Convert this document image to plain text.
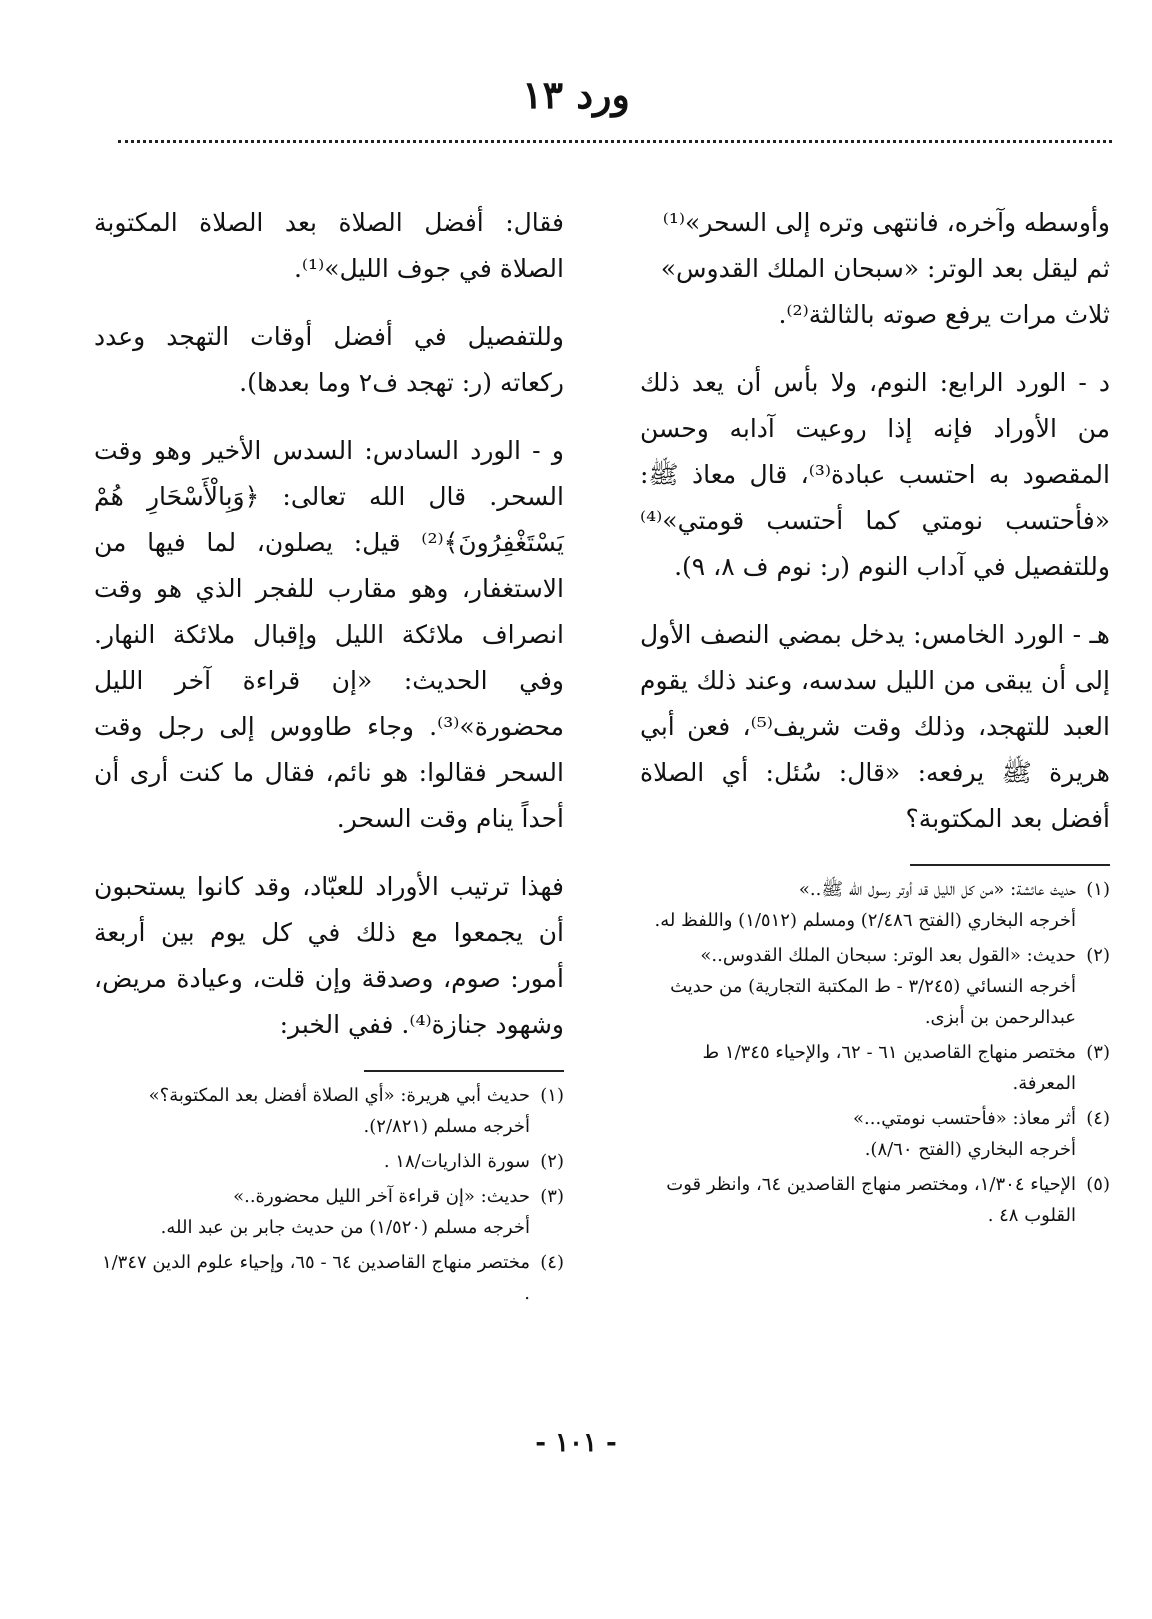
ورد ١٣

وأوسطه وآخره، فانتهى وتره إلى السحر»⁽¹⁾
ثم ليقل بعد الوتر: «سبحان الملك القدوس»
ثلاث مرات يرفع صوته بالثالثة⁽²⁾.

د - الورد الرابع: النوم، ولا بأس أن يعد ذلك من الأوراد فإنه إذا روعيت آدابه وحسن المقصود به احتسب عبادة⁽³⁾، قال معاذ ﷺ: «فأحتسب نومتي كما أحتسب قومتي»⁽⁴⁾ وللتفصيل في آداب النوم (ر: نوم ف ٨، ٩).

هـ - الورد الخامس: يدخل بمضي النصف الأول إلى أن يبقى من الليل سدسه، وعند ذلك يقوم العبد للتهجد، وذلك وقت شريف⁽⁵⁾، فعن أبي هريرة ﷺ يرفعه: «قال: سُئل: أي الصلاة أفضل بعد المكتوبة؟

(١)
حديث عائشة: «من كل الليل قد أوتر رسول الله ﷺ..»
أخرجه البخاري (الفتح ٢/٤٨٦) ومسلم (١/٥١٢) واللفظ له.
(٢)
حديث: «القول بعد الوتر: سبحان الملك القدوس..»
أخرجه النسائي (٣/٢٤٥ - ط المكتبة التجارية) من حديث عبدالرحمن بن أبزى.
(٣)
مختصر منهاج القاصدين ٦١ - ٦٢، والإحياء ١/٣٤٥ ط المعرفة.
(٤)
أثر معاذ: «فأحتسب نومتي...»
أخرجه البخاري (الفتح ٨/٦٠).
(٥)
الإحياء ١/٣٠٤، ومختصر منهاج القاصدين ٦٤، وانظر قوت القلوب ٤٨ .

فقال: أفضل الصلاة بعد الصلاة المكتوبة الصلاة في جوف الليل»⁽¹⁾.

وللتفصيل في أفضل أوقات التهجد وعدد ركعاته (ر: تهجد ف٢ وما بعدها).

و - الورد السادس: السدس الأخير وهو وقت السحر. قال الله تعالى: ﴿وَبِالْأَسْحَارِ هُمْ يَسْتَغْفِرُونَ﴾⁽²⁾ قيل: يصلون، لما فيها من الاستغفار، وهو مقارب للفجر الذي هو وقت انصراف ملائكة الليل وإقبال ملائكة النهار. وفي الحديث: «إن قراءة آخر الليل محضورة»⁽³⁾. وجاء طاووس إلى رجل وقت السحر فقالوا: هو نائم، فقال ما كنت أرى أن أحداً ينام وقت السحر.

فهذا ترتيب الأوراد للعبّاد، وقد كانوا يستحبون أن يجمعوا مع ذلك في كل يوم بين أربعة أمور: صوم، وصدقة وإن قلت، وعيادة مريض، وشهود جنازة⁽⁴⁾. ففي الخبر:

(١)
حديث أبي هريرة: «أي الصلاة أفضل بعد المكتوبة؟»
أخرجه مسلم (٢/٨٢١).
(٢)
سورة الذاريات/١٨ .
(٣)
حديث: «إن قراءة آخر الليل محضورة..»
أخرجه مسلم (١/٥٢٠) من حديث جابر بن عبد الله.
(٤)
مختصر منهاج القاصدين ٦٤ - ٦٥، وإحياء علوم الدين ١/٣٤٧ .
- ١٠١ -
